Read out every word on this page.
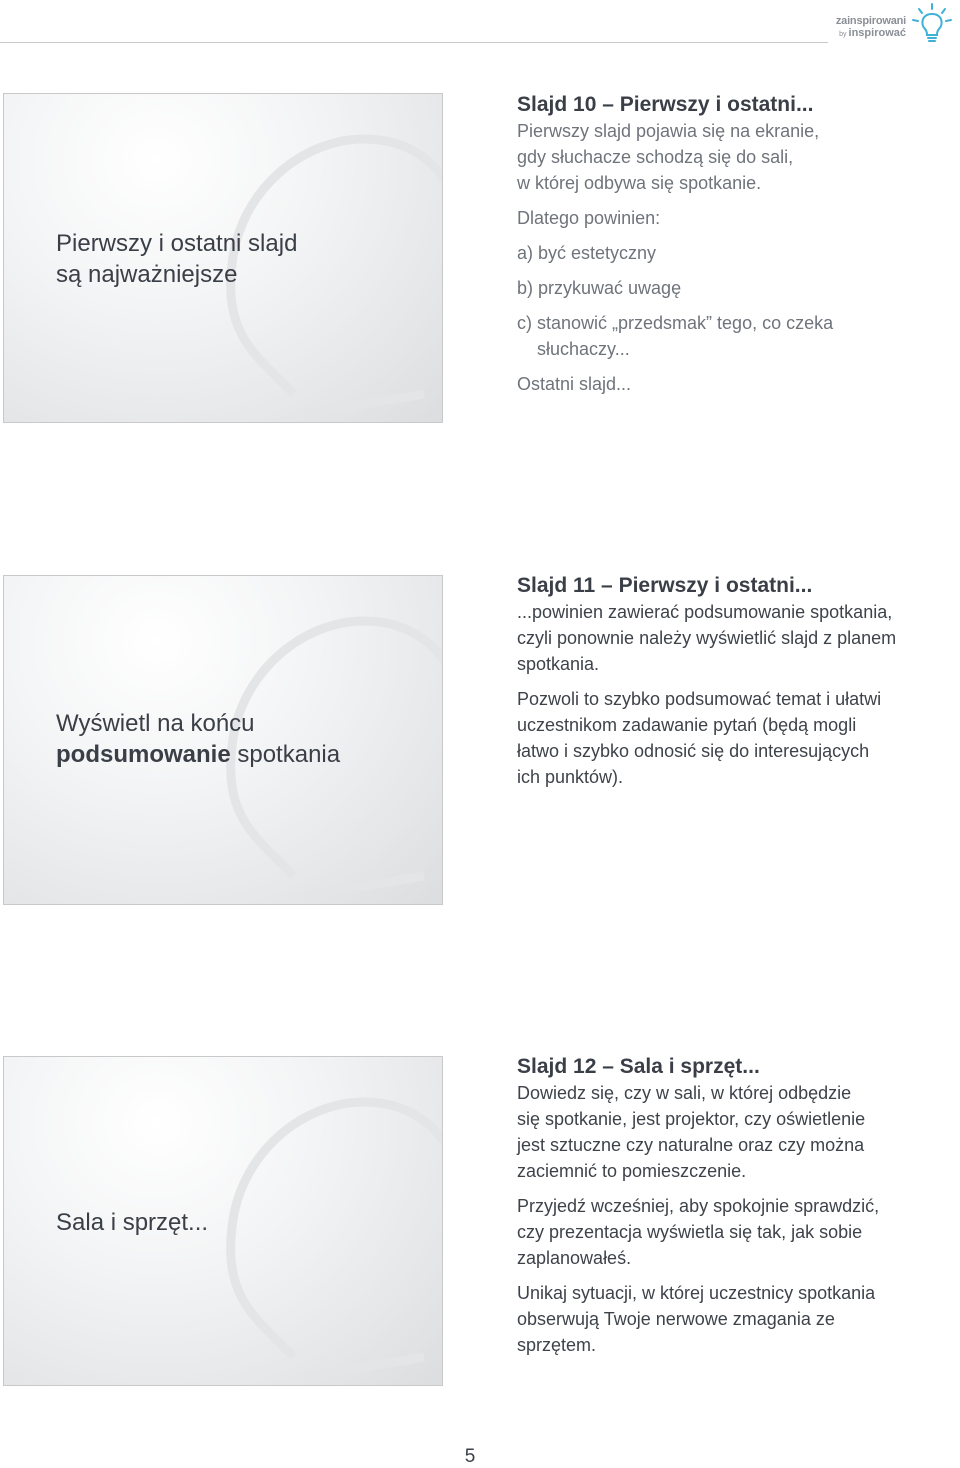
zainspirowani
by inspirować
Pierwszy i ostatni slajd
są najważniejsze
Wyświetl na końcu
podsumowanie spotkania
Sala i sprzęt...
Slajd 10 – Pierwszy i ostatni...

Pierwszy slajd pojawia się na ekranie,

gdy słuchacze schodzą się do sali,

w której odbywa się spotkanie.

Dlatego powinien:

a) być estetyczny

b) przykuwać uwagę

c) stanowić „przedsmak” tego, co czeka

słuchaczy...

Ostatni slajd...

Slajd 11 – Pierwszy i ostatni...

...powinien zawierać podsumowanie spotkania,

czyli ponownie należy wyświetlić slajd z planem

spotkania.

Pozwoli to szybko podsumować temat i ułatwi

uczestnikom zadawanie pytań (będą mogli

łatwo i szybko odnosić się do interesujących

ich punktów).

Slajd 12 – Sala i sprzęt...

Dowiedz się, czy w sali, w której odbędzie

się spotkanie, jest projektor, czy oświetlenie

jest sztuczne czy naturalne oraz czy można

zaciemnić to pomieszczenie.

Przyjedź wcześniej, aby spokojnie sprawdzić,

czy prezentacja wyświetla się tak, jak sobie

zaplanowałeś.

Unikaj sytuacji, w której uczestnicy spotkania

obserwują Twoje nerwowe zmagania ze

sprzętem.

5
